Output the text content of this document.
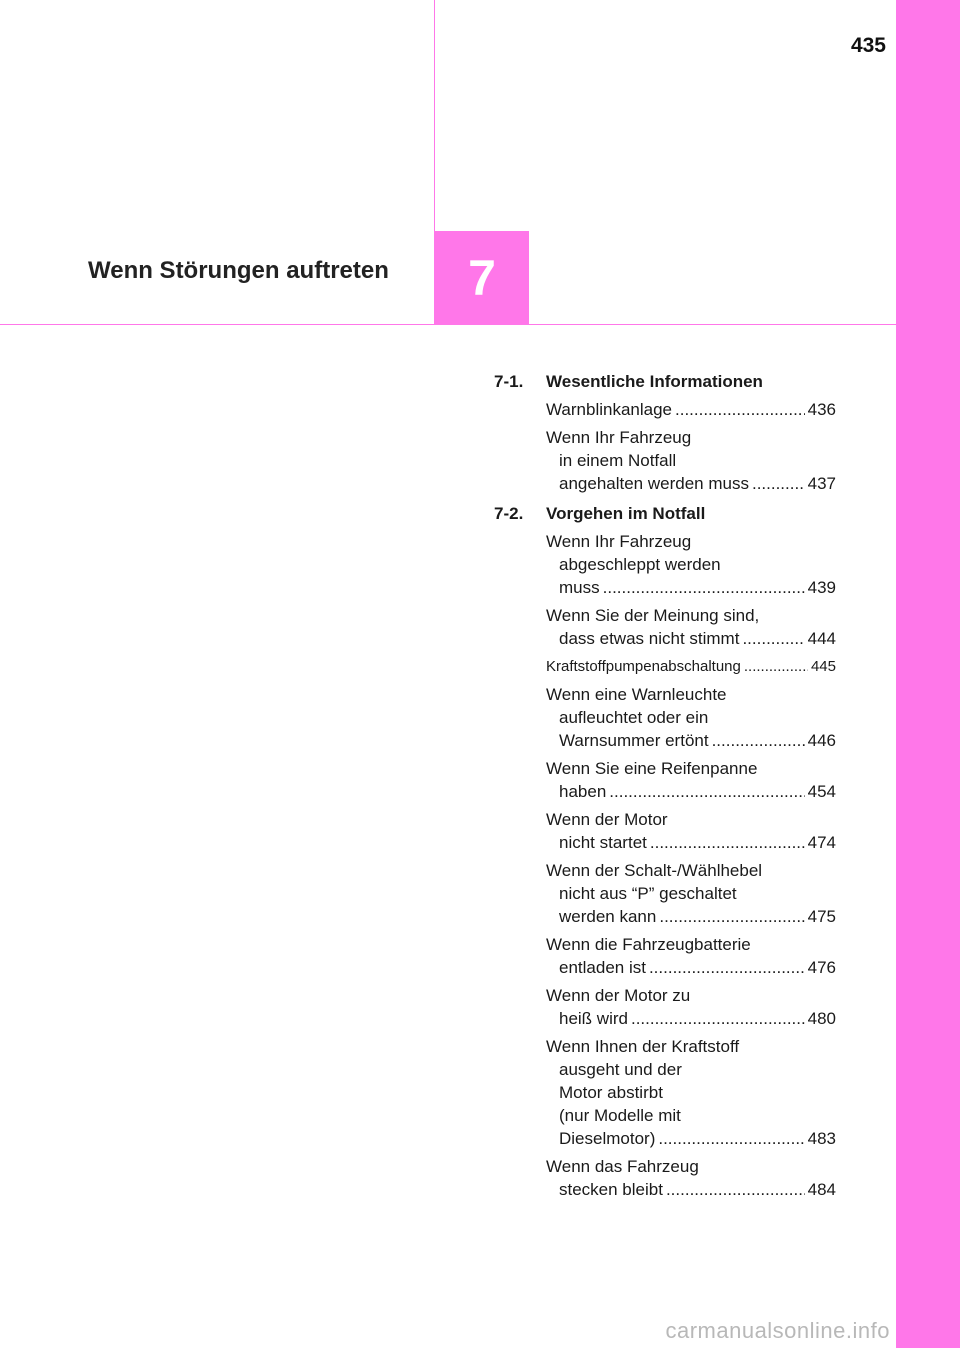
435
Wenn Störungen auftreten	7
7-1.	Wesentliche Informationen
Warnblinkanlage .....	436
Wenn Ihr Fahrzeug
in einem Notfall
angehalten werden muss .....	437
7-2.	Vorgehen im Notfall
Wenn Ihr Fahrzeug
abgeschleppt werden
muss .....	439
Wenn Sie der Meinung sind,
dass etwas nicht stimmt .....	444
Kraftstoffpumpenabschaltung .....	445
Wenn eine Warnleuchte
aufleuchtet oder ein
Warnsummer ertönt .....	446
Wenn Sie eine Reifenpanne
haben .....	454
Wenn der Motor
nicht startet .....	474
Wenn der Schalt-/Wählhebel
nicht aus “P” geschaltet
werden kann .....	475
Wenn die Fahrzeugbatterie
entladen ist .....	476
Wenn der Motor zu
heiß wird .....	480
Wenn Ihnen der Kraftstoff
ausgeht und der
Motor abstirbt
(nur Modelle mit
Dieselmotor) .....	483
Wenn das Fahrzeug
stecken bleibt .....	484
carmanualsonline.info
